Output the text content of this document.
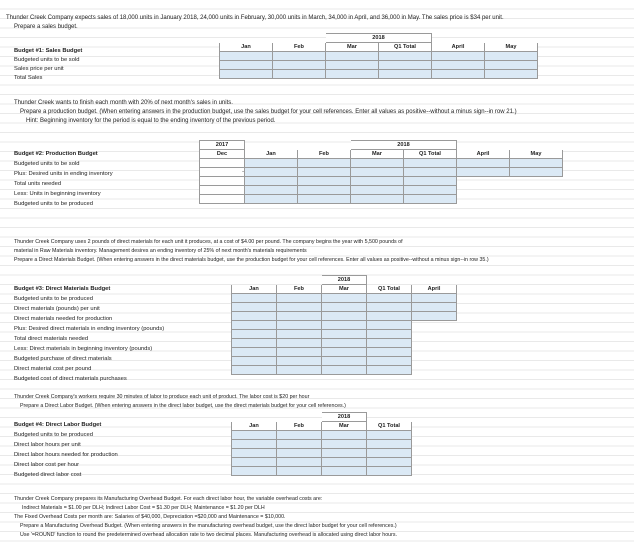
Thunder Creek Company expects sales of 18,000 units in January 2018, 24,000 units in February, 30,000 units in March, 34,000 in April, and 36,000 in May. The sales price is $34 per unit.
Prepare a sales budget.
		2018			
Jan	Feb	Mar	Q1 Total	April	May

Budget #1: Sales Budget
Budgeted units to be sold
Sales price per unit
Total Sales
Thunder Creek wants to finish each month with 20% of next month's sales in units.
Prepare a production budget. (When entering answers in the production budget, use the sales budget for your cell references. Enter all values as positive--without a minus sign--in row 21.)
Hint: Beginning inventory for the period is equal to the ending inventory of the previous period.
2017			2018			
Dec	Jan	Feb	Mar	Q1 Total	April	May

-						

Budget #2: Production Budget
Budgeted units to be sold
Plus: Desired units in ending inventory
Total units needed
Less: Units in beginning inventory
Budgeted units to be produced
Thunder Creek Company uses 2 pounds of direct materials for each unit it produces, at a cost of $4.00 per pound. The company begins the year with 5,500 pounds of
material in Raw Materials inventory. Management desires an ending inventory of 25% of next month's materials requirements
Prepare a Direct Materials Budget. (When entering answers in the direct materials budget, use the production budget for your cell references. Enter all values as positive--without a minus sign--in row 35.)
		2018		
Jan	Feb	Mar	Q1 Total	April

Budget #3: Direct Materials Budget
Budgeted units to be produced
Direct materials (pounds) per unit
Direct materials needed for production
Plus: Desired direct materials in ending inventory (pounds)
Total direct materials needed
Less: Direct materials in beginning inventory (pounds)
Budgeted purchase of direct materials
Direct material cost per pound
Budgeted cost of direct materials purchases
Thunder Creek Company's workers require 30 minutes of labor to produce each unit of product. The labor cost is $20 per hour
Prepare a Direct Labor Budget. (When entering answers in the direct labor budget, use the direct materials budget for your cell references.)
		2018	
Jan	Feb	Mar	Q1 Total

Budget #4: Direct Labor Budget
Budgeted units to be produced
Direct labor hours per unit
Direct labor hours needed for production
Direct labor cost per hour
Budgeted direct labor cost
Thunder Creek Company prepares its Manufacturing Overhead Budget. For each direct labor hour, the variable overhead costs are:
Indirect Materials = $1.00 per DLH; Indirect Labor Cost = $1.30 per DLH; Maintenance = $1.20 per DLH
The Fixed Overhead Costs per month are: Salaries of $40,000, Depreciation =$20,000 and Maintenance = $10,000.
Prepare a Manufacturing Overhead Budget. (When entering answers in the manufacturing overhead budget, use the direct labor budget for your cell references.)
Use '=ROUND' function to round the predetermined overhead allocation rate to two decimal places. Manufacturing overhead is allocated using direct labor hours.
